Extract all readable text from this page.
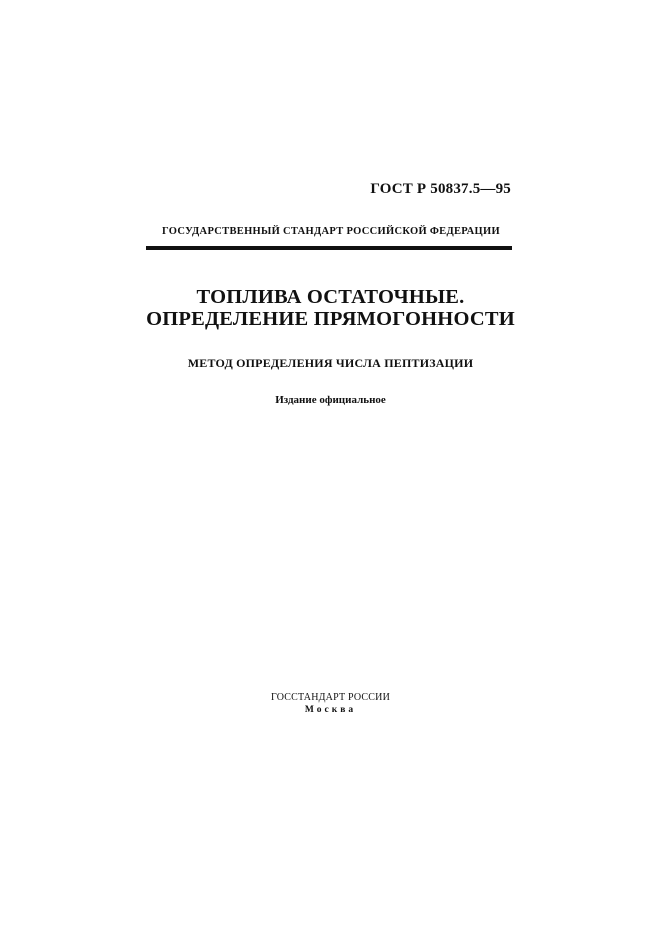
ГОСТ Р 50837.5—95
ГОСУДАРСТВЕННЫЙ СТАНДАРТ РОССИЙСКОЙ ФЕДЕРАЦИИ
ТОПЛИВА ОСТАТОЧНЫЕ.
ОПРЕДЕЛЕНИЕ ПРЯМОГОННОСТИ
МЕТОД ОПРЕДЕЛЕНИЯ ЧИСЛА ПЕПТИЗАЦИИ
Издание официальное
ГОССТАНДАРТ РОССИИ
Москва
